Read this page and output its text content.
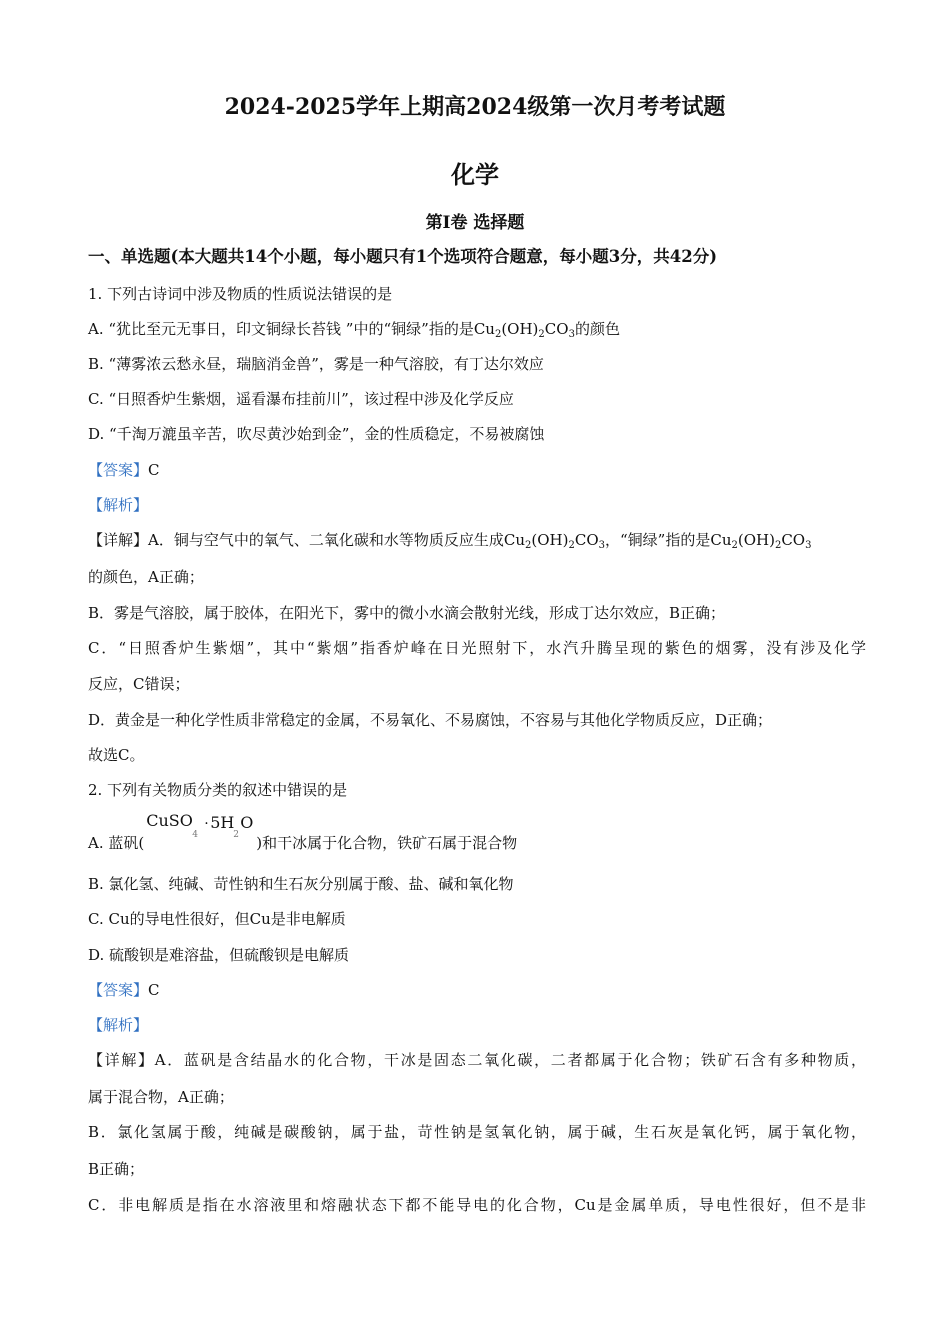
2024-2025学年上期高2024级第一次月考考试题
化学
第Ⅰ卷 选择题
一、单选题(本大题共14个小题，每小题只有1个选项符合题意，每小题3分，共42分)
1. 下列古诗词中涉及物质的性质说法错误的是
A. “犹比至元无事日，印文铜绿长苔钱 ”中的“铜绿”指的是$Cu_2(OH)_2CO_3$的颜色
B. “薄雾浓云愁永昼，瑞脑消金兽”，雾是一种气溶胶，有丁达尔效应
C. “日照香炉生紫烟，遥看瀑布挂前川”，该过程中涉及化学反应
D. “千淘万漉虽辛苦，吹尽黄沙始到金”，金的性质稳定，不易被腐蚀
【答案】C
【解析】
【详解】A．铜与空气中的氧气、二氧化碳和水等物质反应生成$Cu_2(OH)_2CO_3$，“铜绿”指的是$Cu_2(OH)_2CO_3$
的颜色，A正确；
B．雾是气溶胶，属于胶体，在阳光下，雾中的微小水滴会散射光线，形成丁达尔效应，B正确；
C．“日照香炉生紫烟”，其中“紫烟”指香炉峰在日光照射下，水汽升腾呈现的紫色的烟雾，没有涉及化学
反应，C错误；
D．黄金是一种化学性质非常稳定的金属，不易氧化、不易腐蚀，不容易与其他化学物质反应，D正确；
故选C。
2. 下列有关物质分类的叙述中错误的是
A. 蓝矾(
CuSO
4
· 5H
2
O
)和干冰属于化合物，铁矿石属于混合物
B. 氯化氢、纯碱、苛性钠和生石灰分别属于酸、盐、碱和氧化物
C. Cu的导电性很好，但Cu是非电解质
D. 硫酸钡是难溶盐，但硫酸钡是电解质
【答案】C
【解析】
【详解】A．蓝矾是含结晶水的化合物，干冰是固态二氧化碳，二者都属于化合物；铁矿石含有多种物质，
属于混合物，A正确；
B．氯化氢属于酸，纯碱是碳酸钠，属于盐，苛性钠是氢氧化钠，属于碱，生石灰是氧化钙，属于氧化物，
B正确；
C．非电解质是指在水溶液里和熔融状态下都不能导电的化合物，Cu是金属单质，导电性很好，但不是非
